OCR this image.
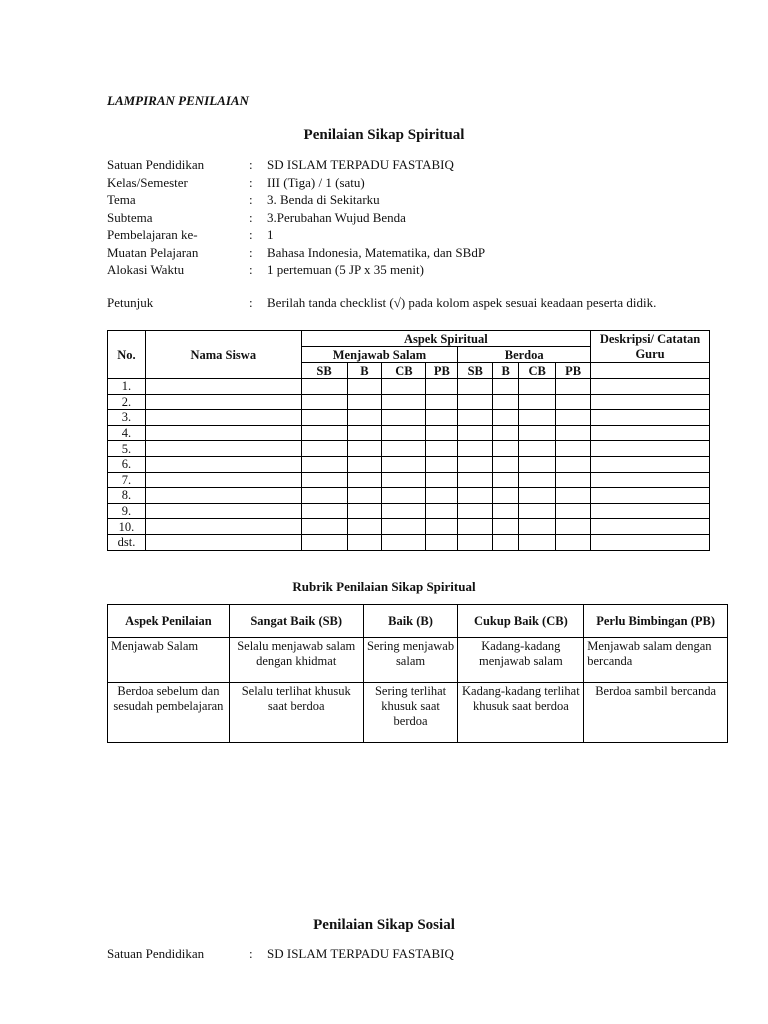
LAMPIRAN PENILAIAN
Penilaian Sikap Spiritual
Satuan Pendidikan	: SD ISLAM TERPADU FASTABIQ
Kelas/Semester	: III (Tiga) / 1 (satu)
Tema	: 3. Benda di Sekitarku
Subtema	: 3.Perubahan Wujud Benda
Pembelajaran ke-	: 1
Muatan Pelajaran	: Bahasa Indonesia, Matematika, dan SBdP
Alokasi Waktu	: 1 pertemuan (5 JP x 35 menit)
Petunjuk	: Berilah tanda checklist (√) pada kolom aspek sesuai keadaan peserta didik.
No.	Nama Siswa	Aspek Spiritual								Deskripsi/ Catatan Guru
		Menjawab Salam				Berdoa				
		SB	B	CB	PB	SB	B	CB	PB	
1.										
2.										
3.										
4.										
5.										
6.										
7.										
8.										
9.										
10.										
dst.										
Rubrik Penilaian Sikap Spiritual
Aspek Penilaian	Sangat Baik (SB)	Baik (B)	Cukup Baik (CB)	Perlu Bimbingan (PB)
Menjawab Salam	Selalu menjawab salam dengan khidmat	Sering menjawab salam	Kadang-kadang menjawab salam	Menjawab salam dengan bercanda
Berdoa sebelum dan sesudah pembelajaran	Selalu terlihat khusuk saat berdoa	Sering terlihat khusuk saat berdoa	Kadang-kadang terlihat khusuk saat berdoa	Berdoa sambil bercanda
Penilaian Sikap Sosial
Satuan Pendidikan	: SD ISLAM TERPADU FASTABIQ
